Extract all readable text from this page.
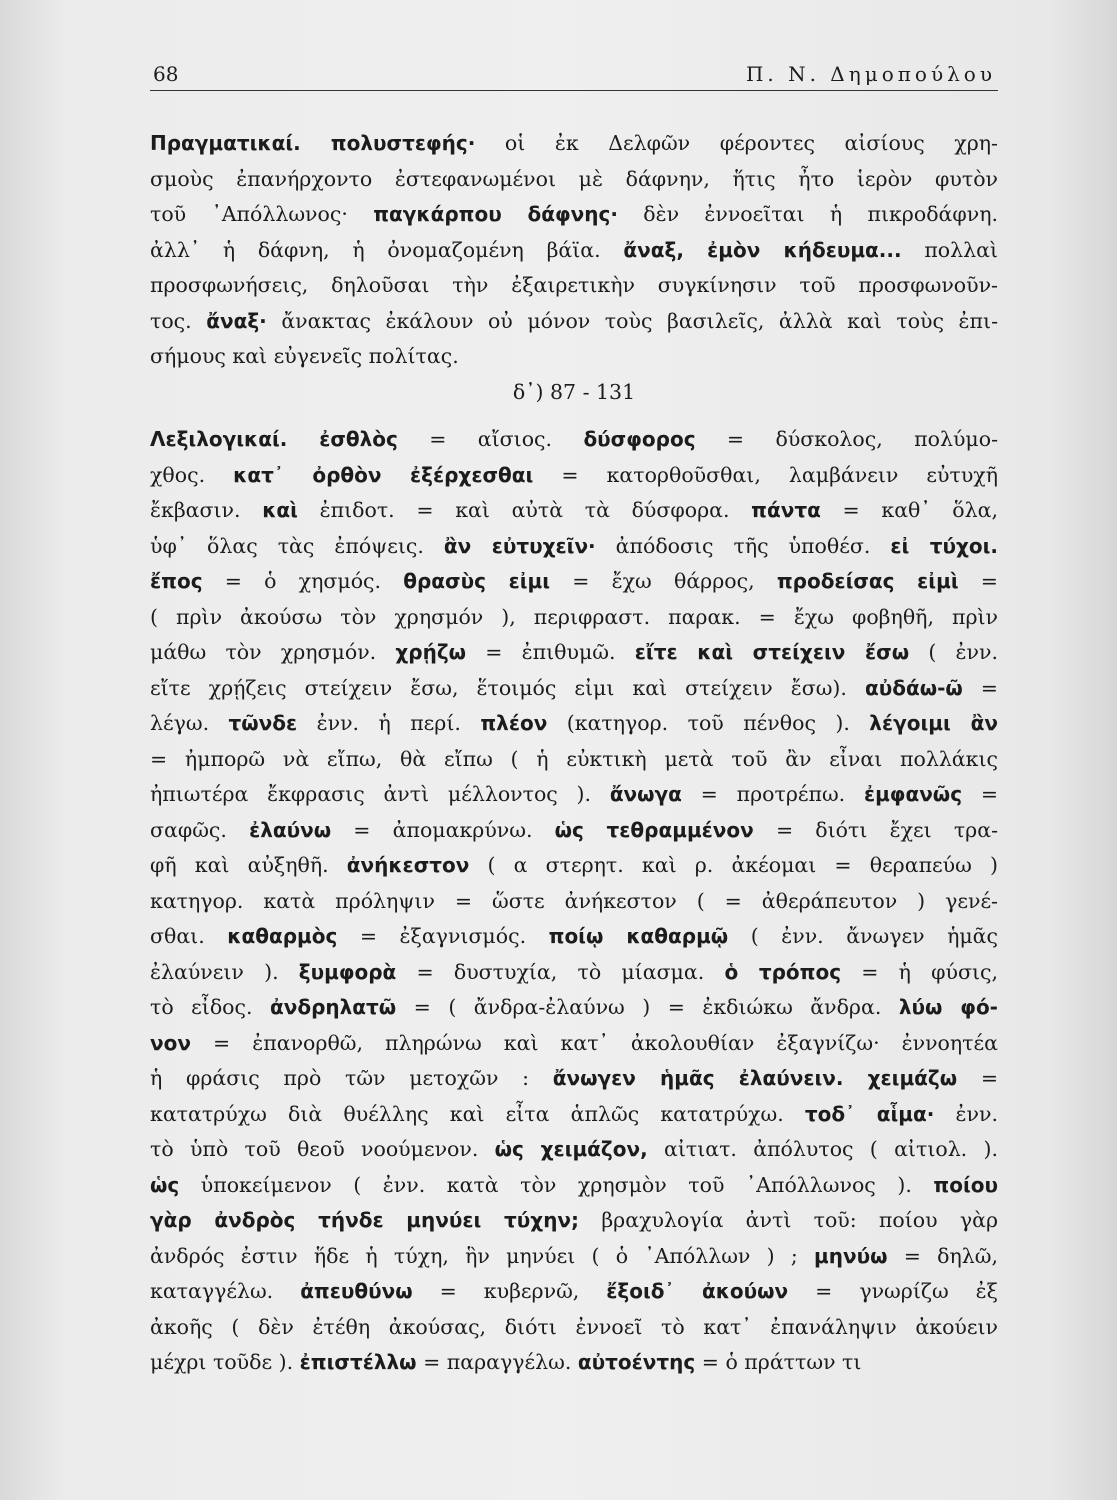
68	Π. Ν. Δημοπούλου
Πραγματικαί. πολυστεφής· οἱ ἐκ Δελφῶν φέροντες αἰσίους χρη-
σμοὺς ἐπανήρχοντο ἐστεφανωμένοι μὲ δάφνην, ἥτις ἦτο ἱερὸν φυτὸν
τοῦ ᾿Απόλλωνος· παγκάρπου δάφνης· δὲν ἐννοεῖται ἡ πικροδάφνη.
ἀλλ᾿ ἡ δάφνη, ἡ ὀνομαζομένη βάϊα. ἄναξ, ἐμὸν κήδευμα... πολλαὶ
προσφωνήσεις, δηλοῦσαι τὴν ἐξαιρετικὴν συγκίνησιν τοῦ προσφωνοῦν-
τος. ἄναξ· ἄνακτας ἐκάλουν οὐ μόνον τοὺς βασιλεῖς, ἀλλὰ καὶ τοὺς ἐπι-
σήμους καὶ εὐγενεῖς πολίτας.
δ᾿) 87 - 131
Λεξιλογικαί. ἐσθλὸς = αἴσιος. δύσφορος = δύσκολος, πολύμο-
χθος. κατ᾿ ὀρθὸν ἐξέρχεσθαι = κατορθοῦσθαι, λαμβάνειν εὐτυχῆ
ἔκβασιν. καὶ ἐπιδοτ. = καὶ αὐτὰ τὰ δύσφορα. πάντα = καθ᾿ ὅλα,
ὑφ᾿ ὅλας τὰς ἐπόψεις. ἂν εὐτυχεῖν· ἀπόδοσις τῆς ὑποθέσ. εἰ τύχοι.
ἔπος = ὁ χησμός. θρασὺς εἰμι = ἔχω θάρρος, προδείσας εἰμὶ =
( πρὶν ἀκούσω τὸν χρησμόν ), περιφραστ. παρακ. = ἔχω φοβηθῆ, πρὶν
μάθω τὸν χρησμόν. χρῄζω = ἐπιθυμῶ. εἴτε καὶ στείχειν ἔσω ( ἐνν.
εἴτε χρῄζεις στείχειν ἔσω, ἕτοιμός εἰμι καὶ στείχειν ἔσω). αὐδάω-ῶ =
λέγω. τῶνδε ἐνν. ἡ περί. πλέον (κατηγορ. τοῦ πένθος ). λέγοιμι ἂν
= ἠμπορῶ νὰ εἴπω, θὰ εἴπω ( ἡ εὐκτικὴ μετὰ τοῦ ἂν εἶναι πολλάκις
ἠπιωτέρα ἔκφρασις ἀντὶ μέλλοντος ). ἄνωγα = προτρέπω. ἐμφανῶς =
σαφῶς. ἐλαύνω = ἀπομακρύνω. ὡς τεθραμμένον = διότι ἔχει τρα-
φῆ καὶ αὐξηθῆ. ἀνήκεστον ( α στερητ. καὶ ρ. ἀκέομαι = θεραπεύω )
κατηγορ. κατὰ πρόληψιν = ὥστε ἀνήκεστον ( = ἀθεράπευτον ) γενέ-
σθαι. καθαρμὸς = ἐξαγνισμός. ποίῳ καθαρμῷ ( ἐνν. ἄνωγεν ἡμᾶς
ἐλαύνειν ). ξυμφορὰ = δυστυχία, τὸ μίασμα. ὁ τρόπος = ἡ φύσις,
τὸ εἶδος. ἀνδρηλατῶ = ( ἄνδρα-ἐλαύνω ) = ἐκδιώκω ἄνδρα. λύω φό-
νον = ἐπανορθῶ, πληρώνω καὶ κατ᾿ ἀκολουθίαν ἐξαγνίζω· ἐννοητέα
ἡ φράσις πρὸ τῶν μετοχῶν : ἄνωγεν ἡμᾶς ἐλαύνειν. χειμάζω =
κατατρύχω διὰ θυέλλης καὶ εἶτα ἁπλῶς κατατρύχω. τοδ᾿ αἷμα· ἐνν.
τὸ ὑπὸ τοῦ θεοῦ νοούμενον. ὡς χειμάζον, αἰτιατ. ἀπόλυτος ( αἰτιολ. ).
ὡς ὑποκείμενον ( ἐνν. κατὰ τὸν χρησμὸν τοῦ ᾿Απόλλωνος ). ποίου
γὰρ ἀνδρὸς τήνδε μηνύει τύχην; βραχυλογία ἀντὶ τοῦ: ποίου γὰρ
ἀνδρός ἐστιν ἥδε ἡ τύχη, ἣν μηνύει ( ὁ ᾿Απόλλων ) ; μηνύω = δηλῶ,
καταγγέλω. ἀπευθύνω = κυβερνῶ, ἔξοιδ᾿ ἀκούων = γνωρίζω ἐξ
ἀκοῆς ( δὲν ἐτέθη ἀκούσας, διότι ἐννοεῖ τὸ κατ᾿ ἐπανάληψιν ἀκούειν
μέχρι τοῦδε ). ἐπιστέλλω = παραγγέλω. αὐτοέντης = ὁ πράττων τι
